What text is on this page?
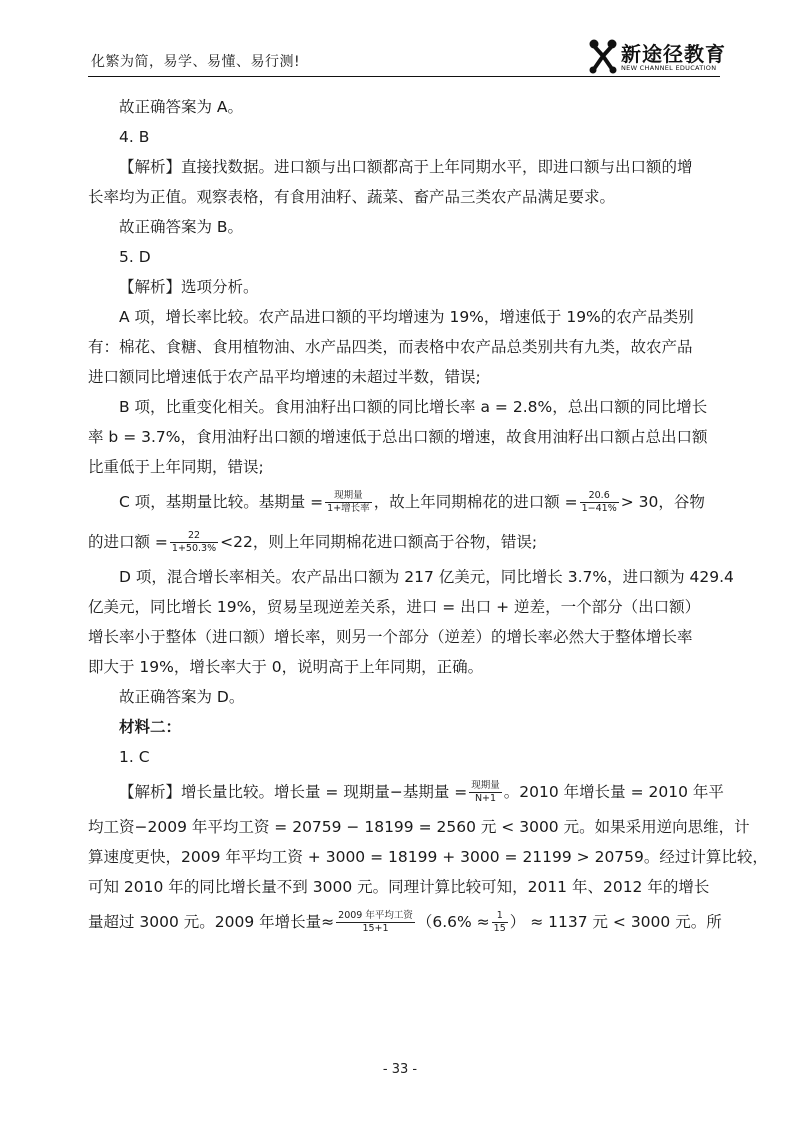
化繁为简，易学、易懂、易行测!	新途径教育
NEW CHANNEL EDUCATION

故正确答案为 A。

4. B

【解析】直接找数据。进口额与出口额都高于上年同期水平，即进口额与出口额的增

长率均为正值。观察表格，有食用油籽、蔬菜、畜产品三类农产品满足要求。

故正确答案为 B。

5. D

【解析】选项分析。

A 项，增长率比较。农产品进口额的平均增速为 19%，增速低于 19%的农产品类别

有：棉花、食糖、食用植物油、水产品四类，而表格中农产品总类别共有九类，故农产品

进口额同比增速低于农产品平均增速的未超过半数，错误;

B 项，比重变化相关。食用油籽出口额的同比增长率 a = 2.8%，总出口额的同比增长

率 b = 3.7%，食用油籽出口额的增速低于总出口额的增速，故食用油籽出口额占总出口额

比重低于上年同期，错误;

C 项，基期量比较。基期量 = $\frac{\text{现期量}}{\text{1+增长率}}$ ，故上年同期棉花的进口额 = $\frac{20.6}{1-41\%} > 30$，谷物

的进口额 = $\frac{22}{1+50.3\%} <22$，则上年同期棉花进口额高于谷物，错误;

D 项，混合增长率相关。农产品出口额为 217 亿美元，同比增长 3.7%，进口额为 429.4

亿美元，同比增长 19%，贸易呈现逆差关系，进口 = 出口 + 逆差，一个部分（出口额）

增长率小于整体（进口额）增长率，则另一个部分（逆差）的增长率必然大于整体增长率

即大于 19%，增长率大于 0，说明高于上年同期，正确。

故正确答案为 D。

材料二：

1. C

【解析】增长量比较。增长量 = 现期量−基期量 = $\frac{\text{现期量}}{N+1}$ 。2010 年增长量 = 2010 年平

均工资−2009 年平均工资 = 20759 − 18199 = 2560 元 < 3000 元。如果采用逆向思维，计

算速度更快，2009 年平均工资 + 3000 = 18199 + 3000 = 21199 > 20759。经过计算比较，

可知 2010 年的同比增长量不到 3000 元。同理计算比较可知，2011 年、2012 年的增长

量超过 3000 元。2009 年增长量≈ $\frac{\text{2009 年平均工资}}{15+1} (6.6\% \approx \frac{1}{15}$ ） ≈ 1137 元 < 3000 元。所

- 33 -
